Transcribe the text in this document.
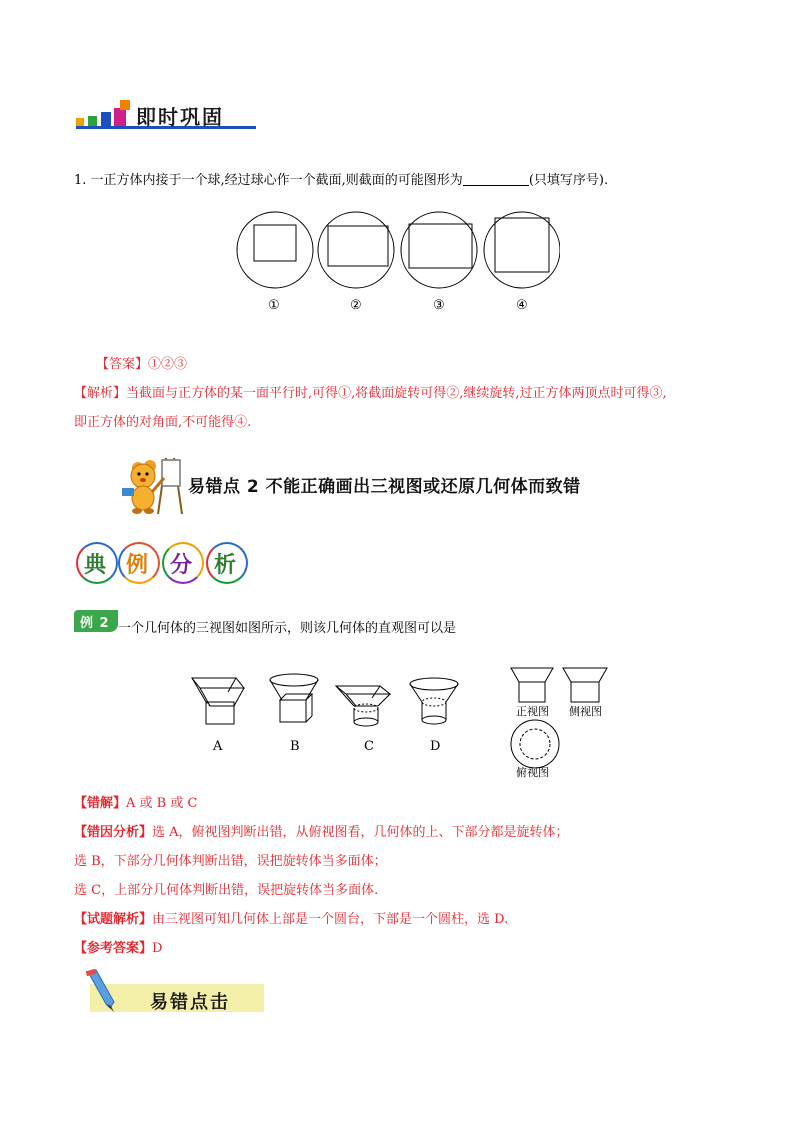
即时巩固
1. 一正方体内接于一个球,经过球心作一个截面,则截面的可能图形为	(只填写序号).
①	②	③	④
【答案】①②③
【解析】当截面与正方体的某一面平行时,可得①,将截面旋转可得②,继续旋转,过正方体两顶点时可得③,
即正方体的对角面,不可能得④.
易错点 2 不能正确画出三视图或还原几何体而致错
典 例 分 析
例 2 一个几何体的三视图如图所示，则该几何体的直观图可以是
A	B	C	D
正视图 侧视图
俯视图
【错解】A 或 B 或 C
【错因分析】选 A，俯视图判断出错，从俯视图看，几何体的上、下部分都是旋转体；
选 B，下部分几何体判断出错，误把旋转体当多面体；
选 C，上部分几何体判断出错，误把旋转体当多面体.
【试题解析】由三视图可知几何体上部是一个圆台，下部是一个圆柱，选 D.
【参考答案】D
易错点击
